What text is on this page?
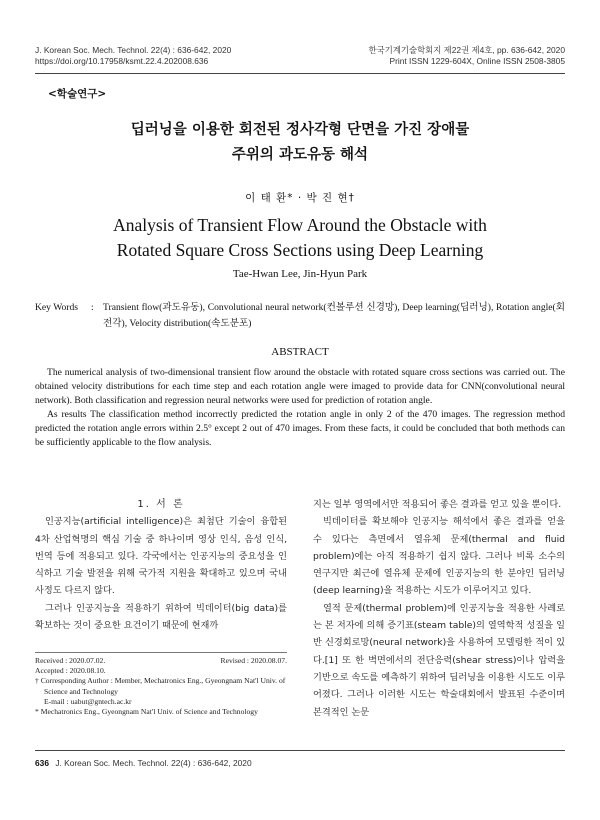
J. Korean Soc. Mech. Technol. 22(4) : 636-642, 2020	한국기계기술학회지 제22권 제4호, pp. 636-642, 2020
https://doi.org/10.17958/ksmt.22.4.202008.636	Print ISSN 1229-604X, Online ISSN 2508-3805
<학술연구>
딥러닝을 이용한 회전된 정사각형 단면을 가진 장애물
주위의 과도유동 해석
이 태 환* · 박 진 현†
Analysis of Transient Flow Around the Obstacle with
Rotated Square Cross Sections using Deep Learning
Tae-Hwan Lee, Jin-Hyun Park
Key Words	: Transient flow(과도유동), Convolutional neural network(컨볼루션 신경망), Deep learning(딥러닝), Rotation angle(회전각), Velocity distribution(속도분포)
ABSTRACT

The numerical analysis of two-dimensional transient flow around the obstacle with rotated square cross sections was carried out. The obtained velocity distributions for each time step and each rotation angle were imaged to provide data for CNN(convolutional neural network). Both classification and regression neural networks were used for prediction of rotation angle.

As results The classification method incorrectly predicted the rotation angle in only 2 of the 470 images. The regression method predicted the rotation angle errors within 2.5° except 2 out of 470 images. From these facts, it could be concluded that both methods can be sufficiently applicable to the flow analysis.

1. 서 론

인공지능(artificial intelligence)은 최첨단 기술이 융합된 4차 산업혁명의 핵심 기술 중 하나이며 영상 인식, 음성 인식, 번역 등에 적용되고 있다. 각국에서는 인공지능의 중요성을 인식하고 기술 발전을 위해 국가적 지원을 확대하고 있으며 국내 사정도 다르지 않다.

그러나 인공지능을 적용하기 위하여 빅데이터(big data)를 확보하는 것이 중요한 요건이기 때문에 현재까

Received : 2020.07.02.	Revised : 2020.08.07.
Accepted : 2020.08.10.
† Corresponding Author : Member, Mechatronics Eng., Gyeongnam Nat'l Univ. of Science and Technology
E-mail : uabut@gntech.ac.kr
* Mechatronics Eng., Gyeongnam Nat'l Univ. of Science and Technology

지는 일부 영역에서만 적용되어 좋은 결과를 얻고 있을 뿐이다.

빅데이터를 확보해야 인공지능 해석에서 좋은 결과를 얻을 수 있다는 측면에서 열유체 문제(thermal and fluid problem)에는 아직 적용하기 쉽지 않다. 그러나 비록 소수의 연구지만 최근에 열유체 문제에 인공지능의 한 분야인 딥러닝(deep learning)을 적용하는 시도가 이루어지고 있다.

열적 문제(thermal problem)에 인공지능을 적용한 사례로는 본 저자에 의해 증기표(steam table)의 열역학적 성질을 일반 신경회로망(neural network)을 사용하여 모델링한 적이 있다.[1] 또 한 벽면에서의 전단응력(shear stress)이나 압력을 기반으로 속도를 예측하기 위하여 딥러닝을 이용한 시도도 이루어졌다. 그러나 이러한 시도는 학술대회에서 발표된 수준이며 본격적인 논문

636 J. Korean Soc. Mech. Technol. 22(4) : 636-642, 2020
